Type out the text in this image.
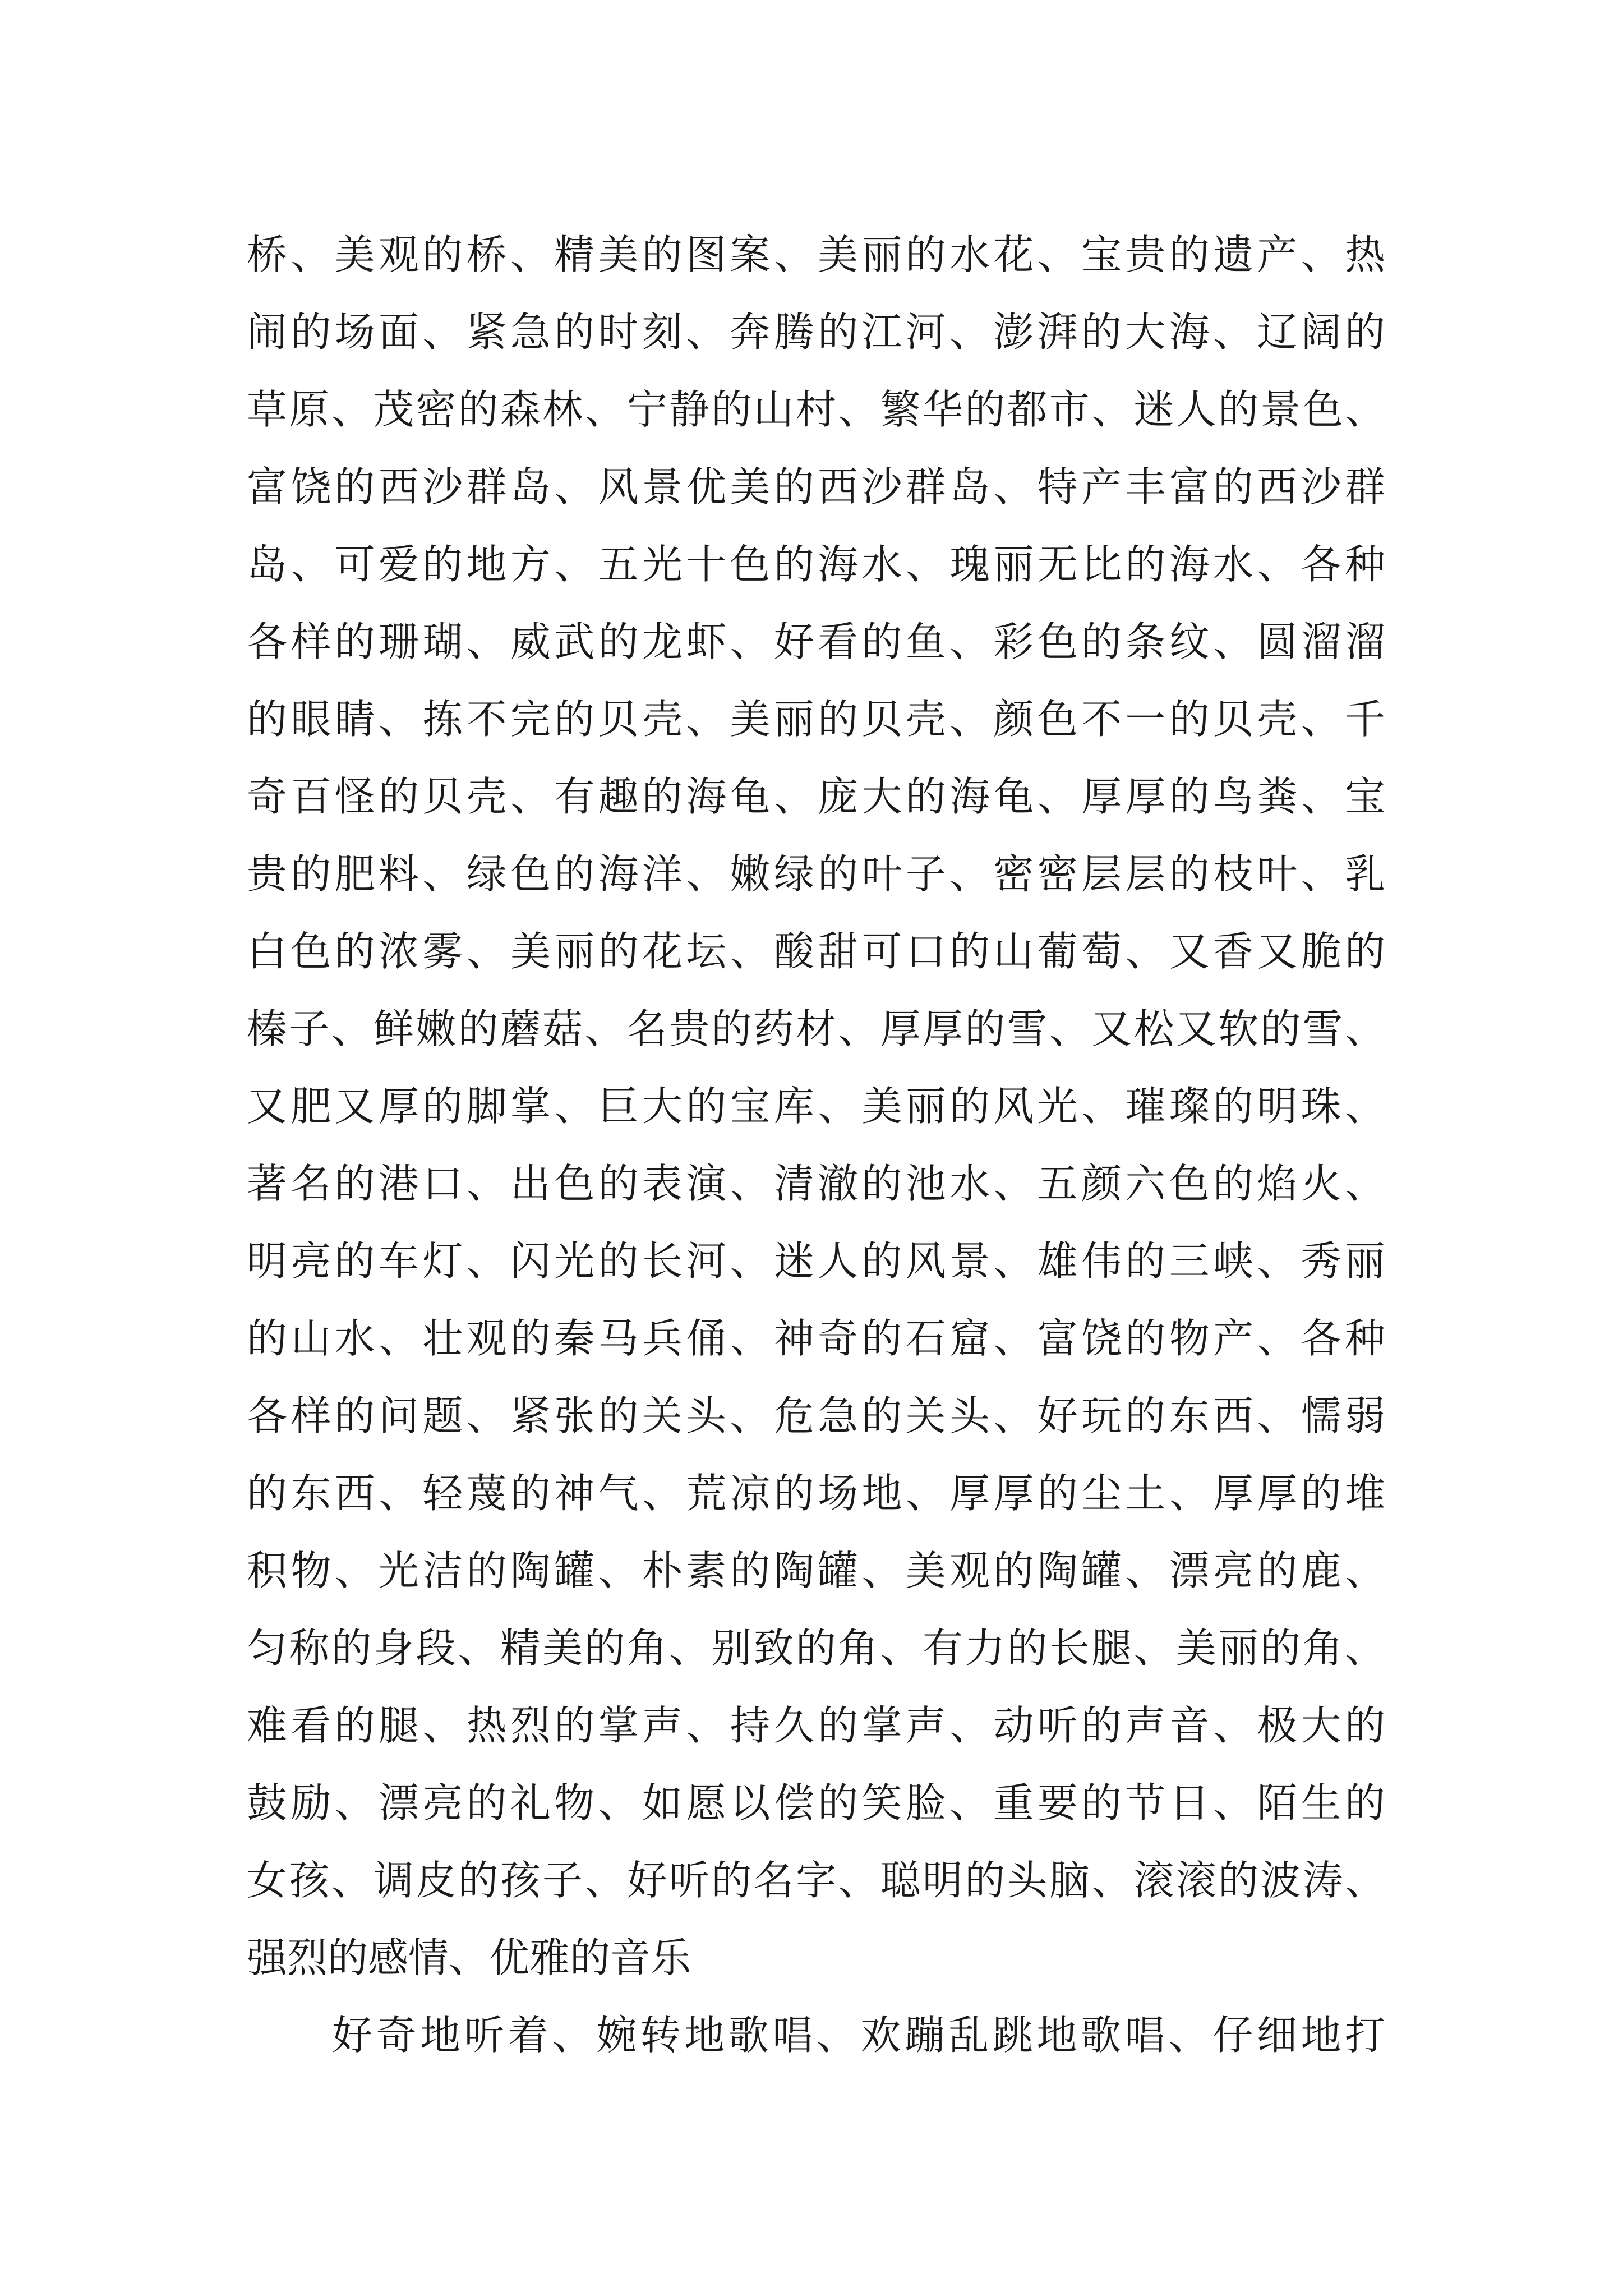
桥、美观的桥、精美的图案、美丽的水花、宝贵的遗产、热
闹的场面、紧急的时刻、奔腾的江河、澎湃的大海、辽阔的
草原、茂密的森林、宁静的山村、繁华的都市、迷人的景色、
富饶的西沙群岛、风景优美的西沙群岛、特产丰富的西沙群
岛、可爱的地方、五光十色的海水、瑰丽无比的海水、各种
各样的珊瑚、威武的龙虾、好看的鱼、彩色的条纹、圆溜溜
的眼睛、拣不完的贝壳、美丽的贝壳、颜色不一的贝壳、千
奇百怪的贝壳、有趣的海龟、庞大的海龟、厚厚的鸟粪、宝
贵的肥料、绿色的海洋、嫩绿的叶子、密密层层的枝叶、乳
白色的浓雾、美丽的花坛、酸甜可口的山葡萄、又香又脆的
榛子、鲜嫩的蘑菇、名贵的药材、厚厚的雪、又松又软的雪、
又肥又厚的脚掌、巨大的宝库、美丽的风光、璀璨的明珠、
著名的港口、出色的表演、清澈的池水、五颜六色的焰火、
明亮的车灯、闪光的长河、迷人的风景、雄伟的三峡、秀丽
的山水、壮观的秦马兵俑、神奇的石窟、富饶的物产、各种
各样的问题、紧张的关头、危急的关头、好玩的东西、懦弱
的东西、轻蔑的神气、荒凉的场地、厚厚的尘土、厚厚的堆
积物、光洁的陶罐、朴素的陶罐、美观的陶罐、漂亮的鹿、
匀称的身段、精美的角、别致的角、有力的长腿、美丽的角、
难看的腿、热烈的掌声、持久的掌声、动听的声音、极大的
鼓励、漂亮的礼物、如愿以偿的笑脸、重要的节日、陌生的
女孩、调皮的孩子、好听的名字、聪明的头脑、滚滚的波涛、
强烈的感情、优雅的音乐
好奇地听着、婉转地歌唱、欢蹦乱跳地歌唱、仔细地打
